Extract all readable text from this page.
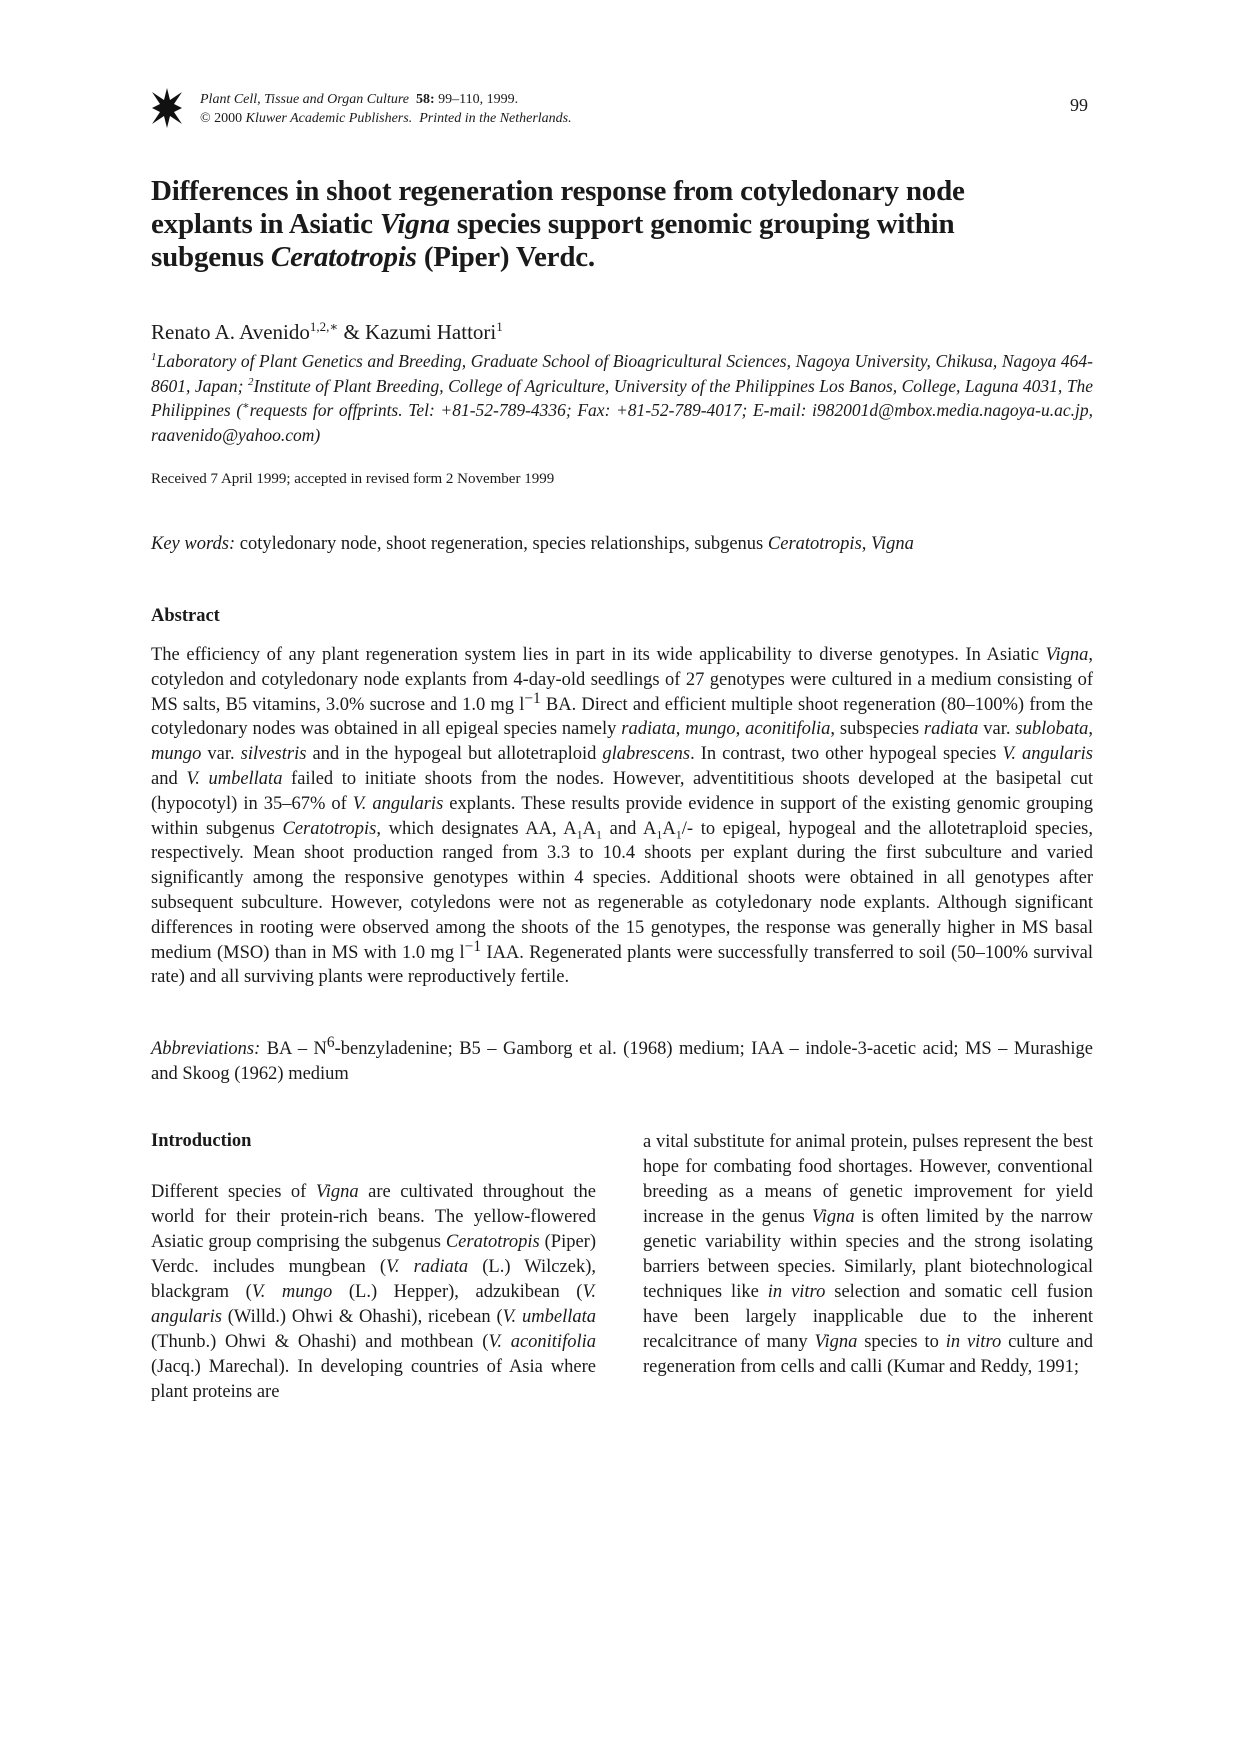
Plant Cell, Tissue and Organ Culture 58: 99–110, 1999.
© 2000 Kluwer Academic Publishers. Printed in the Netherlands.
99
Differences in shoot regeneration response from cotyledonary node explants in Asiatic Vigna species support genomic grouping within subgenus Ceratotropis (Piper) Verdc.
Renato A. Avenido$^{1,2,∗}$ & Kazumi Hattori$^1$
$^1$Laboratory of Plant Genetics and Breeding, Graduate School of Bioagricultural Sciences, Nagoya University, Chikusa, Nagoya 464-8601, Japan; $^2$Institute of Plant Breeding, College of Agriculture, University of the Philippines Los Banos, College, Laguna 4031, The Philippines (∗requests for offprints. Tel: +81-52-789-4336; Fax: +81-52-789-4017; E-mail: i982001d@mbox.media.nagoya-u.ac.jp, raavenido@yahoo.com)
Received 7 April 1999; accepted in revised form 2 November 1999
Key words: cotyledonary node, shoot regeneration, species relationships, subgenus Ceratotropis, Vigna
Abstract

The efficiency of any plant regeneration system lies in part in its wide applicability to diverse genotypes. In Asiatic Vigna, cotyledon and cotyledonary node explants from 4-day-old seedlings of 27 genotypes were cultured in a medium consisting of MS salts, B5 vitamins, 3.0% sucrose and 1.0 mg $l^{-1}$ BA. Direct and efficient multiple shoot regeneration (80–100%) from the cotyledonary nodes was obtained in all epigeal species namely radiata, mungo, aconitifolia, subspecies radiata var. sublobata, mungo var. silvestris and in the hypogeal but allotetraploid glabrescens. In contrast, two other hypogeal species V. angularis and V. umbellata failed to initiate shoots from the nodes. However, adventititious shoots developed at the basipetal cut (hypocotyl) in 35–67% of V. angularis explants. These results provide evidence in support of the existing genomic grouping within subgenus Ceratotropis, which designates AA, $A_1A_1$ and $A_1A_1/-$ to epigeal, hypogeal and the allotetraploid species, respectively. Mean shoot production ranged from 3.3 to 10.4 shoots per explant during the first subculture and varied significantly among the responsive genotypes within 4 species. Additional shoots were obtained in all genotypes after subsequent subculture. However, cotyledons were not as regenerable as cotyledonary node explants. Although significant differences in rooting were observed among the shoots of the 15 genotypes, the response was generally higher in MS basal medium (MSO) than in MS with 1.0 mg $l^{-1}$ IAA. Regenerated plants were successfully transferred to soil (50–100% survival rate) and all surviving plants were reproductively fertile.

Abbreviations: BA – $N^6$-benzyladenine; B5 – Gamborg et al. (1968) medium; IAA – indole-3-acetic acid; MS – Murashige and Skoog (1962) medium

Introduction

Different species of Vigna are cultivated throughout the world for their protein-rich beans. The yellow-flowered Asiatic group comprising the subgenus Ceratotropis (Piper) Verdc. includes mungbean (V. radiata (L.) Wilczek), blackgram (V. mungo (L.) Hepper), adzukibean (V. angularis (Willd.) Ohwi & Ohashi), ricebean (V. umbellata (Thunb.) Ohwi & Ohashi) and mothbean (V. aconitifolia (Jacq.) Marechal). In developing countries of Asia where plant proteins are

a vital substitute for animal protein, pulses represent the best hope for combating food shortages. However, conventional breeding as a means of genetic improvement for yield increase in the genus Vigna is often limited by the narrow genetic variability within species and the strong isolating barriers between species. Similarly, plant biotechnological techniques like in vitro selection and somatic cell fusion have been largely inapplicable due to the inherent recalcitrance of many Vigna species to in vitro culture and regeneration from cells and calli (Kumar and Reddy, 1991;
